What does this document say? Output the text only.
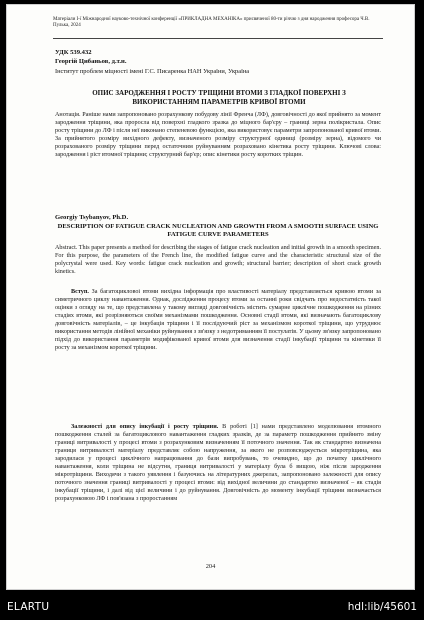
Матеріали I-ї Міжнародної науково-технічної конференції «ПРИКЛАДНА МЕХАНІКА» присвяченої 80-ти річчю з дня народження професора Ч.В. Пулька, 2024
УДК 539.432
Георгій Цибаньов, д.т.н.
Інститут проблем міцності імені Г.С. Писаренка НАН України, Україна
ОПИС ЗАРОДЖЕННЯ І РОСТУ ТРІЩИНИ ВТОМИ З ГЛАДКОЇ ПОВЕРХНІ З ВИКОРИСТАННЯМ ПАРАМЕТРІВ КРИВОЇ ВТОМИ
Анотація. Раніше нами запропоновано розрахункову побудову лінії Френча (ЛФ), довговічності до якої прийнято за момент зародження тріщини, яка проросла від поверхні гладкого зразка до міцного бар'єру – границі зерна полікристала. Опис росту тріщини до ЛФ і після неї виконано степеневою функцією, яка використовує параметри запропонованої кривої втоми. За прийнятого розміру вихідного дефекту, визначеного розміру структурної одиниці (розміру зерна), відомого чи розрахованого розміру тріщини перед остаточним руйнуванням розраховано кінетика росту тріщини. Ключові слова: зародження і ріст втомної тріщини; структурний бар'єр; опис кінетики росту коротких тріщин.
Georgiy Tsybanyov, Ph.D.
DESCRIPTION OF FATIGUE CRACK NUCLEATION AND GROWTH FROM A SMOOTH SURFACE USING FATIGUE CURVE PARAMETERS
Abstract. This paper presents a method for describing the stages of fatigue crack nucleation and initial growth in a smooth specimen. For this purpose, the parameters of the French line, the modified fatigue curve and the characteristic structural size of the polycrystal were used. Key words: fatigue crack nucleation and growth; structural barrier; description of short crack growth kinetics.
Вступ. За багатоцикловоі втоми вихідна інформація про властивості матеріалу представляється кривою втоми за симетричного циклу навантаження. Однак, дослідження процесу втоми за останні роки свідчать про недостатність такої оцінки з огляду на те, що представлена у такому вигляді довговічність містить сумарне циклічне пошкодження на різних стадіях втоми, які розрізняються своїми механізмами пошкодження. Основні стадії втоми, які визначають багатоциклову довговічність матеріалів, – це інкубація тріщини і її послідуючий ріст за механізмом короткої тріщини, що утруднює використання методів лінійної механіки руйнування з зв'язку з недотриманням її постулатів. У цьому зв'язку запропоновано підхід до використання параметрів модифікованої кривої втоми для визначення стадії інкубації тріщини та кінетики її росту за механізмом короткої тріщини.
Залежності для опису інкубації і росту тріщини. В роботі [1] нами представлено моделювання втомного пошкодження сталей за багатоциклового навантаження гладких зразків, де за параметр пошкодження прийнято зміну границі витривалості у процесі втоми з розрахунковим визначенням її поточного значення. Так як стандартно визначена границя витривалості матеріалу представляє собою напруження, за якого не розповсюджується мікротріщина, яка зародилася у процесі циклічного напрацювання до бази випробувань, то очевидно, що до початку циклічного навантаження, коли тріщина не відсутня, границя витривалості у матеріалу була б вищою, ніж після зародження мікротріщини. Виходячи з такого уявлення і базуючись на літературних джерелах, запропоновано залежності для опису поточного значення границі витривалості у процесі втоми: від вихідної величини до стандартно визначеної – як стадія інкубації тріщини, і далі від цієї величини і до руйнування. Довговічність до моменту інкубації тріщини визначається розрахунковою ЛФ і пов'язана з проростанням
204
ELARTU	hdl:lib/45601
